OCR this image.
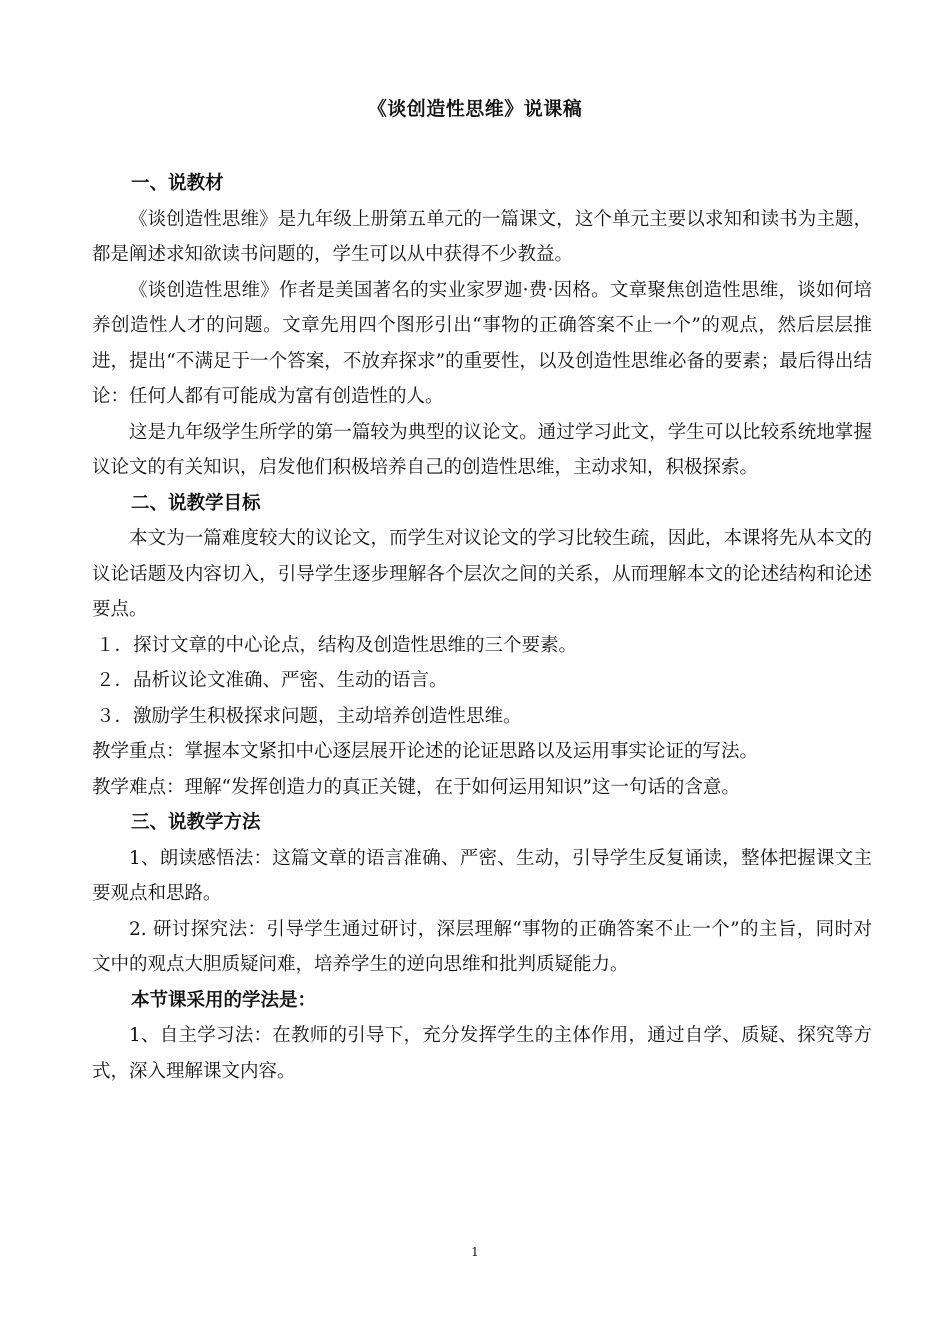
《谈创造性思维》说课稿

一、说教材

《谈创造性思维》是九年级上册第五单元的一篇课文，这个单元主要以求知和读书为主题，都是阐述求知欲读书问题的，学生可以从中获得不少教益。

《谈创造性思维》作者是美国著名的实业家罗迦·费·因格。文章聚焦创造性思维，谈如何培养创造性人才的问题。文章先用四个图形引出“事物的正确答案不止一个”的观点，然后层层推进，提出“不满足于一个答案，不放弃探求”的重要性，以及创造性思维必备的要素；最后得出结论：任何人都有可能成为富有创造性的人。

这是九年级学生所学的第一篇较为典型的议论文。通过学习此文，学生可以比较系统地掌握议论文的有关知识，启发他们积极培养自己的创造性思维，主动求知，积极探索。

二、说教学目标

本文为一篇难度较大的议论文，而学生对议论文的学习比较生疏，因此，本课将先从本文的议论话题及内容切入，引导学生逐步理解各个层次之间的关系，从而理解本文的论述结构和论述要点。

１．探讨文章的中心论点，结构及创造性思维的三个要素。

２．品析议论文准确、严密、生动的语言。

３．激励学生积极探求问题，主动培养创造性思维。

教学重点：掌握本文紧扣中心逐层展开论述的论证思路以及运用事实论证的写法。

教学难点：理解“发挥创造力的真正关键，在于如何运用知识”这一句话的含意。

三、说教学方法

1、朗读感悟法：这篇文章的语言准确、严密、生动，引导学生反复诵读，整体把握课文主要观点和思路。

2. 研讨探究法：引导学生通过研讨，深层理解“事物的正确答案不止一个”的主旨，同时对文中的观点大胆质疑问难，培养学生的逆向思维和批判质疑能力。

本节课采用的学法是：

1、自主学习法：在教师的引导下，充分发挥学生的主体作用，通过自学、质疑、探究等方式，深入理解课文内容。

1
